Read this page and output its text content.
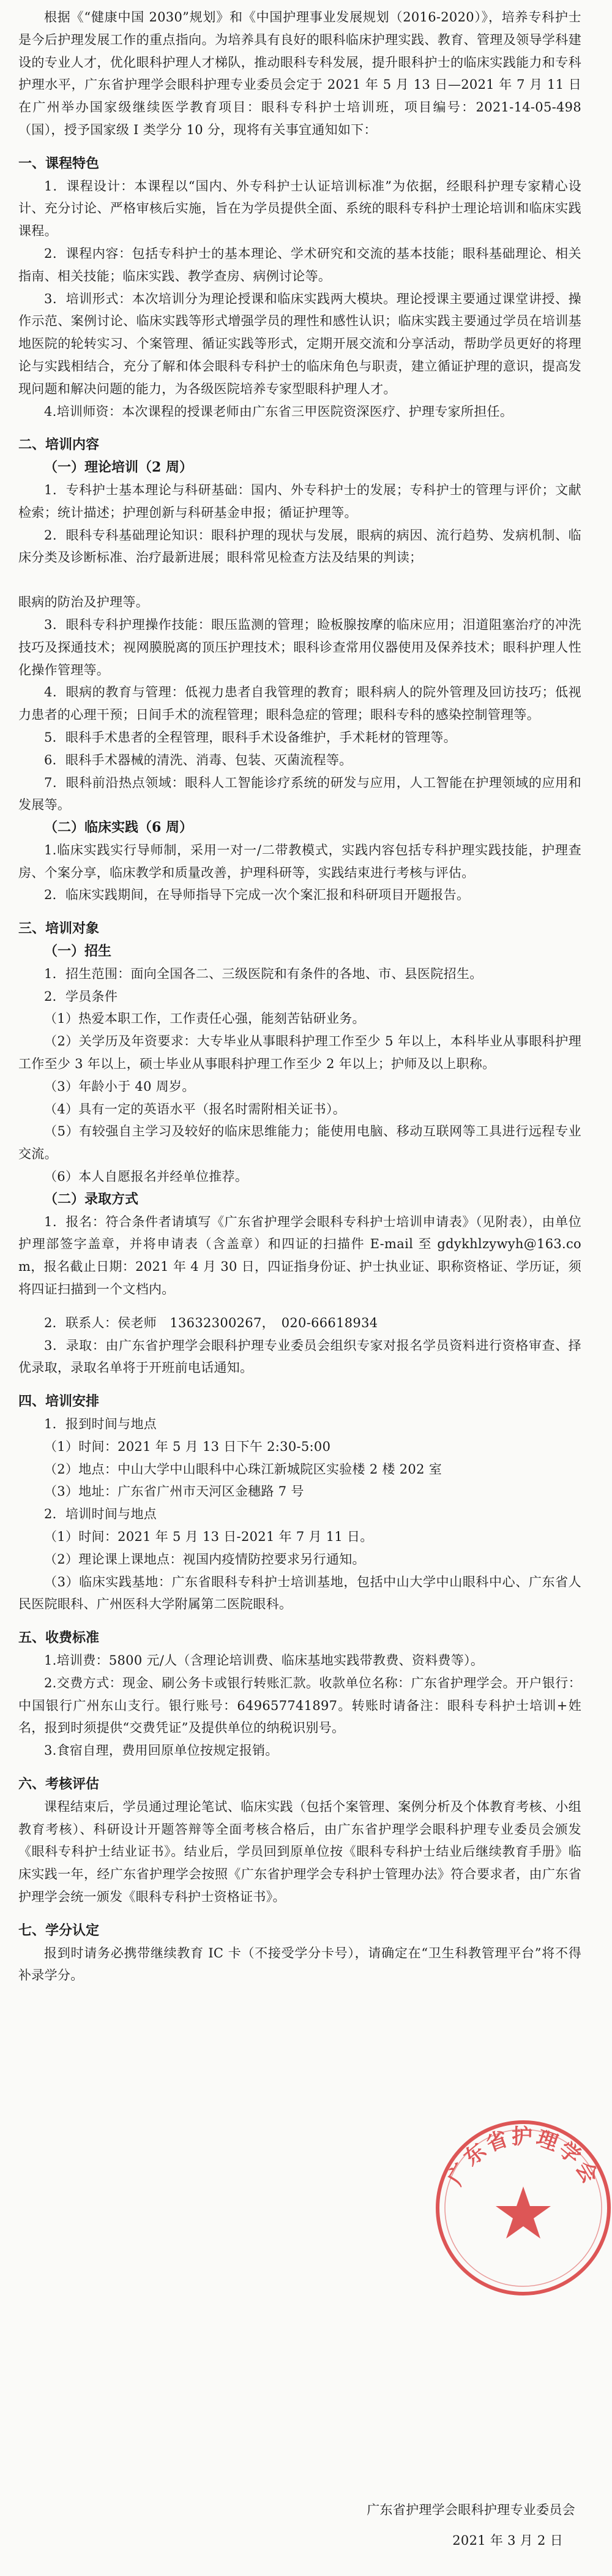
根据《“健康中国 2030”规划》和《中国护理事业发展规划（2016-2020）》，培养专科护士是今后护理发展工作的重点指向。为培养具有良好的眼科临床护理实践、教育、管理及领导学科建设的专业人才，优化眼科护理人才梯队，推动眼科专科发展，提升眼科护士的临床实践能力和专科护理水平，广东省护理学会眼科护理专业委员会定于 2021 年 5 月 13 日—2021 年 7 月 11 日在广州举办国家级继续医学教育项目：眼科专科护士培训班，项目编号：2021-14-05-498（国），授予国家级 I 类学分 10 分，现将有关事宜通知如下：

一、课程特色

1．课程设计：本课程以“国内、外专科护士认证培训标准”为依据，经眼科护理专家精心设计、充分讨论、严格审核后实施，旨在为学员提供全面、系统的眼科专科护士理论培训和临床实践课程。

2．课程内容：包括专科护士的基本理论、学术研究和交流的基本技能；眼科基础理论、相关指南、相关技能；临床实践、教学查房、病例讨论等。

3．培训形式：本次培训分为理论授课和临床实践两大模块。理论授课主要通过课堂讲授、操作示范、案例讨论、临床实践等形式增强学员的理性和感性认识；临床实践主要通过学员在培训基地医院的轮转实习、个案管理、循证实践等形式，定期开展交流和分享活动，帮助学员更好的将理论与实践相结合，充分了解和体会眼科专科护士的临床角色与职责，建立循证护理的意识，提高发现问题和解决问题的能力，为各级医院培养专家型眼科护理人才。

4.培训师资：本次课程的授课老师由广东省三甲医院资深医疗、护理专家所担任。

二、培训内容

（一）理论培训（2 周）

1．专科护士基本理论与科研基础：国内、外专科护士的发展；专科护士的管理与评价；文献检索；统计描述；护理创新与科研基金申报；循证护理等。

2．眼科专科基础理论知识：眼科护理的现状与发展，眼病的病因、流行趋势、发病机制、临床分类及诊断标准、治疗最新进展；眼科常见检查方法及结果的判读；

眼病的防治及护理等。

3．眼科专科护理操作技能：眼压监测的管理；睑板腺按摩的临床应用；泪道阻塞治疗的冲洗技巧及探通技术；视网膜脱离的顶压护理技术；眼科诊查常用仪器使用及保养技术；眼科护理人性化操作管理等。

4．眼病的教育与管理：低视力患者自我管理的教育；眼科病人的院外管理及回访技巧；低视力患者的心理干预；日间手术的流程管理；眼科急症的管理；眼科专科的感染控制管理等。

5．眼科手术患者的全程管理，眼科手术设备维护，手术耗材的管理等。

6．眼科手术器械的清洗、消毒、包装、灭菌流程等。

7．眼科前沿热点领域：眼科人工智能诊疗系统的研发与应用，人工智能在护理领域的应用和发展等。

（二）临床实践（6 周）

1.临床实践实行导师制，采用一对一/二带教模式，实践内容包括专科护理实践技能，护理查房、个案分享，临床教学和质量改善，护理科研等，实践结束进行考核与评估。

2．临床实践期间，在导师指导下完成一次个案汇报和科研项目开题报告。

三、培训对象

（一）招生

1．招生范围：面向全国各二、三级医院和有条件的各地、市、县医院招生。

2．学员条件

（1）热爱本职工作，工作责任心强，能刻苦钻研业务。

（2）关学历及年资要求：大专毕业从事眼科护理工作至少 5 年以上，本科毕业从事眼科护理工作至少 3 年以上，硕士毕业从事眼科护理工作至少 2 年以上；护师及以上职称。

（3）年龄小于 40 周岁。

（4）具有一定的英语水平（报名时需附相关证书）。

（5）有较强自主学习及较好的临床思维能力；能使用电脑、移动互联网等工具进行远程专业交流。

（6）本人自愿报名并经单位推荐。

（二）录取方式

1．报名：符合条件者请填写《广东省护理学会眼科专科护士培训申请表》（见附表），由单位护理部签字盖章，并将申请表（含盖章）和四证的扫描件 E-mail 至 gdykhlzywyh@163.com，报名截止日期：2021 年 4 月 30 日，四证指身份证、护士执业证、职称资格证、学历证，须将四证扫描到一个文档内。

2．联系人：侯老师　13632300267，　020-66618934

3．录取：由广东省护理学会眼科护理专业委员会组织专家对报名学员资料进行资格审查、择优录取，录取名单将于开班前电话通知。

四、培训安排

1．报到时间与地点

（1）时间：2021 年 5 月 13 日下午 2:30-5:00

（2）地点：中山大学中山眼科中心珠江新城院区实验楼 2 楼 202 室

（3）地址：广东省广州市天河区金穗路 7 号

2．培训时间与地点

（1）时间：2021 年 5 月 13 日-2021 年 7 月 11 日。

（2）理论课上课地点：视国内疫情防控要求另行通知。

（3）临床实践基地：广东省眼科专科护士培训基地，包括中山大学中山眼科中心、广东省人民医院眼科、广州医科大学附属第二医院眼科。

五、收费标准

1.培训费：5800 元/人（含理论培训费、临床基地实践带教费、资料费等）。

2.交费方式：现金、刷公务卡或银行转账汇款。收款单位名称：广东省护理学会。开户银行：中国银行广州东山支行。银行账号：649657741897。转账时请备注：眼科专科护士培训+姓名，报到时须提供“交费凭证”及提供单位的纳税识别号。

3.食宿自理，费用回原单位按规定报销。

六、考核评估

课程结束后，学员通过理论笔试、临床实践（包括个案管理、案例分析及个体教育考核、小组教育考核）、科研设计开题答辩等全面考核合格后，由广东省护理学会眼科护理专业委员会颁发《眼科专科护士结业证书》。结业后，学员回到原单位按《眼科专科护士结业后继续教育手册》临床实践一年，经广东省护理学会按照《广东省护理学会专科护士管理办法》符合要求者，由广东省护理学会统一颁发《眼科专科护士资格证书》。

七、学分认定

报到时请务必携带继续教育 IC 卡（不接受学分卡号），请确定在“卫生科教管理平台”将不得补录学分。

广东省护理学会眼科护理专业委员会
2021 年 3 月 2 日
广东省护理学会
